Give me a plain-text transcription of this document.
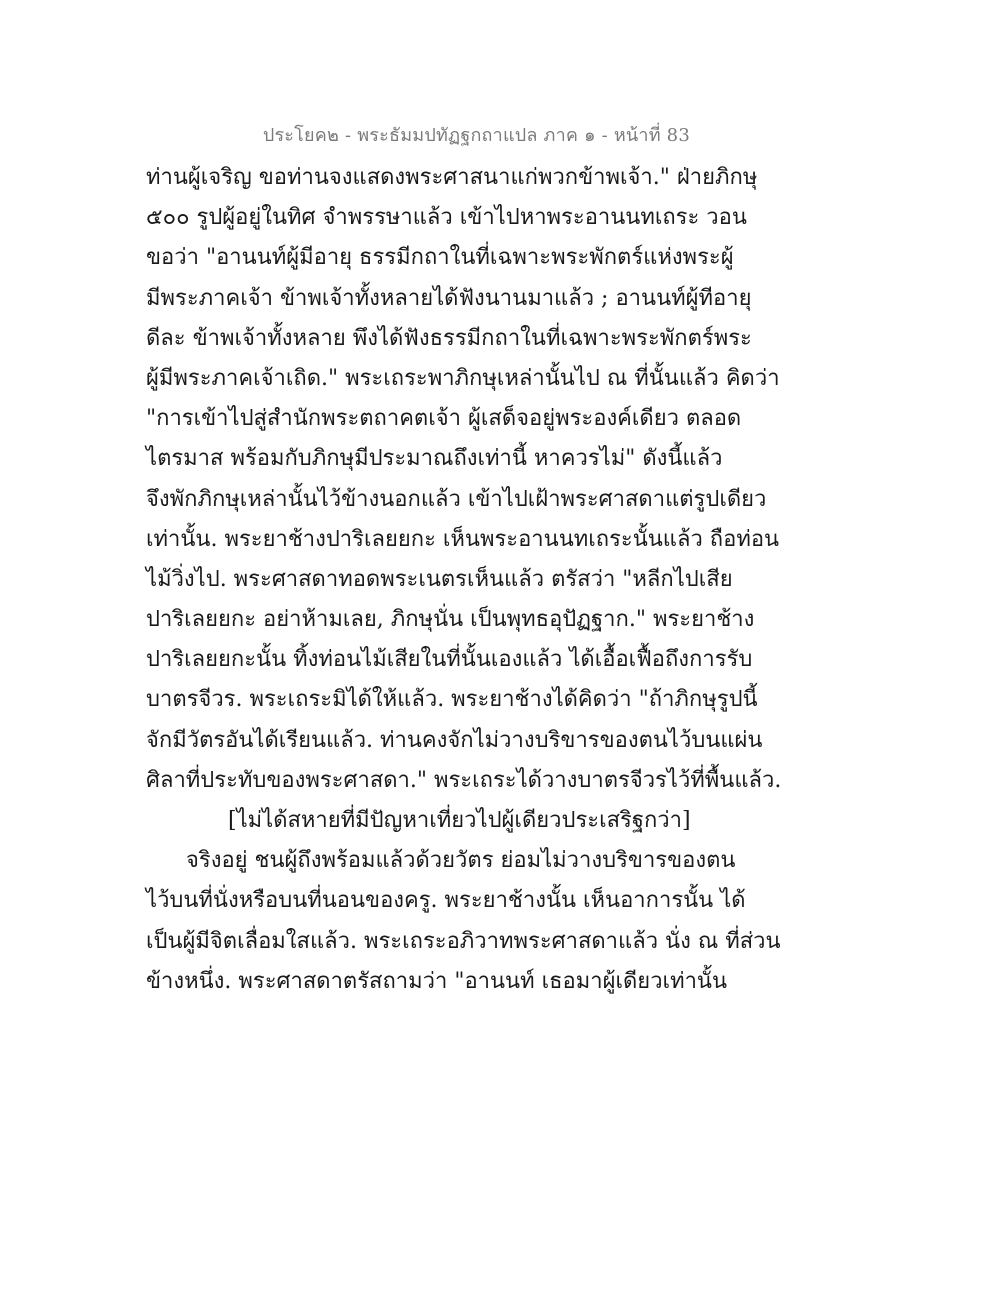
ประโยค๒ - พระธัมมปทัฏฐกถาแปล ภาค ๑ - หน้าที่ 83
ท่านผู้เจริญ ขอท่านจงแสดงพระศาสนาแก่พวกข้าพเจ้า." ฝ่ายภิกษุ
๕๐๐ รูปผู้อยู่ในทิศ จำพรรษาแล้ว เข้าไปหาพระอานนทเถระ วอน
ขอว่า "อานนท์ผู้มีอายุ ธรรมีกถาในที่เฉพาะพระพักตร์แห่งพระผู้
มีพระภาคเจ้า ข้าพเจ้าทั้งหลายได้ฟังนานมาแล้ว ; อานนท์ผู้ทีอายุ
ดีละ ข้าพเจ้าทั้งหลาย พึงได้ฟังธรรมีกถาในที่เฉพาะพระพักตร์พระ
ผู้มีพระภาคเจ้าเถิด." พระเถระพาภิกษุเหล่านั้นไป ณ ที่นั้นแล้ว คิดว่า
"การเข้าไปสู่สำนักพระตถาคตเจ้า ผู้เสด็จอยู่พระองค์เดียว ตลอด
ไตรมาส พร้อมกับภิกษุมีประมาณถึงเท่านี้ หาควรไม่" ดังนี้แล้ว
จึงพักภิกษุเหล่านั้นไว้ข้างนอกแล้ว เข้าไปเฝ้าพระศาสดาแต่รูปเดียว
เท่านั้น. พระยาช้างปาริเลยยกะ เห็นพระอานนทเถระนั้นแล้ว ถือท่อน
ไม้วิ่งไป. พระศาสดาทอดพระเนตรเห็นแล้ว ตรัสว่า "หลีกไปเสีย
ปาริเลยยกะ อย่าห้ามเลย, ภิกษุนั่น เป็นพุทธอุปัฏฐาก." พระยาช้าง
ปาริเลยยกะนั้น ทิ้งท่อนไม้เสียในที่นั้นเองแล้ว ได้เอื้อเฟื้อถึงการรับ
บาตรจีวร. พระเถระมิได้ให้แล้ว. พระยาช้างได้คิดว่า "ถ้าภิกษุรูปนี้
จักมีวัตรอันได้เรียนแล้ว. ท่านคงจักไม่วางบริขารของตนไว้บนแผ่น
ศิลาที่ประทับของพระศาสดา." พระเถระได้วางบาตรจีวรไว้ที่พื้นแล้ว.
[ไม่ได้สหายที่มีปัญหาเที่ยวไปผู้เดียวประเสริฐกว่า]
จริงอยู่ ชนผู้ถึงพร้อมแล้วด้วยวัตร ย่อมไม่วางบริขารของตน
ไว้บนที่นั่งหรือบนที่นอนของครู. พระยาช้างนั้น เห็นอาการนั้น ได้
เป็นผู้มีจิตเลื่อมใสแล้ว. พระเถระอภิวาทพระศาสดาแล้ว นั่ง ณ ที่ส่วน
ข้างหนึ่ง. พระศาสดาตรัสถามว่า "อานนท์ เธอมาผู้เดียวเท่านั้น
